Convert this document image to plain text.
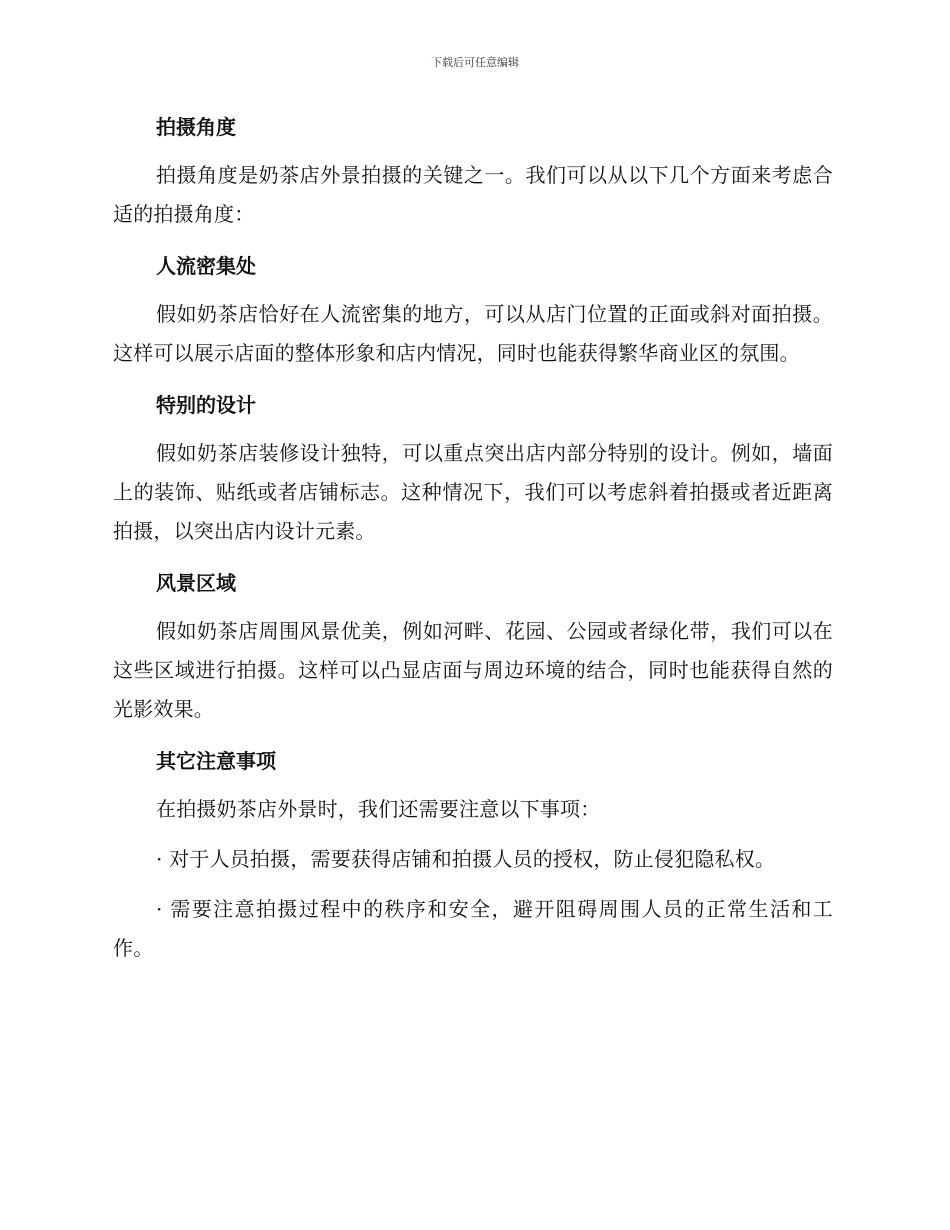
下载后可任意编辑
拍摄角度

拍摄角度是奶茶店外景拍摄的关键之一。我们可以从以下几个方面来考虑合适的拍摄角度：

人流密集处

假如奶茶店恰好在人流密集的地方，可以从店门位置的正面或斜对面拍摄。这样可以展示店面的整体形象和店内情况，同时也能获得繁华商业区的氛围。

特别的设计

假如奶茶店装修设计独特，可以重点突出店内部分特别的设计。例如，墙面上的装饰、贴纸或者店铺标志。这种情况下，我们可以考虑斜着拍摄或者近距离拍摄，以突出店内设计元素。

风景区域

假如奶茶店周围风景优美，例如河畔、花园、公园或者绿化带，我们可以在这些区域进行拍摄。这样可以凸显店面与周边环境的结合，同时也能获得自然的光影效果。

其它注意事项

在拍摄奶茶店外景时，我们还需要注意以下事项：

· 对于人员拍摄，需要获得店铺和拍摄人员的授权，防止侵犯隐私权。

· 需要注意拍摄过程中的秩序和安全，避开阻碍周围人员的正常生活和工作。
